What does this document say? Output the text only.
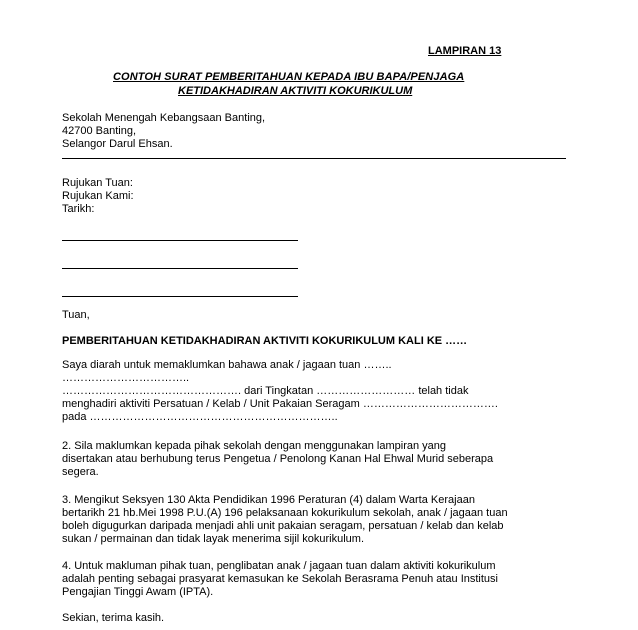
LAMPIRAN 13
CONTOH SURAT PEMBERITAHUAN KEPADA IBU BAPA/PENJAGA
KETIDAKHADIRAN AKTIVITI KOKURIKULUM
Sekolah Menengah Kebangsaan Banting,
42700 Banting,
Selangor Darul Ehsan.
Rujukan Tuan:
Rujukan Kami:
Tarikh:
Tuan,
PEMBERITAHUAN KETIDAKHADIRAN AKTIVITI KOKURIKULUM KALI KE ……
Saya diarah untuk memaklumkan bahawa anak / jagaan tuan ……..
……………………………..
…………………………………………. dari Tingkatan ……………………… telah tidak
menghadiri aktiviti Persatuan / Kelab / Unit Pakaian Seragam ……………………………….
pada …………………………………………………………..
2. Sila maklumkan kepada pihak sekolah dengan menggunakan lampiran yang
disertakan atau berhubung terus Pengetua / Penolong Kanan Hal Ehwal Murid seberapa
segera.
3. Mengikut Seksyen 130 Akta Pendidikan 1996 Peraturan (4) dalam Warta Kerajaan
bertarikh 21 hb.Mei 1998 P.U.(A) 196 pelaksanaan kokurikulum sekolah, anak / jagaan tuan
boleh digugurkan daripada menjadi ahli unit pakaian seragam, persatuan / kelab dan kelab
sukan / permainan dan tidak layak menerima sijil kokurikulum.
4. Untuk makluman pihak tuan, penglibatan anak / jagaan tuan dalam aktiviti kokurikulum
adalah penting sebagai prasyarat kemasukan ke Sekolah Berasrama Penuh atau Institusi
Pengajian Tinggi Awam (IPTA).
Sekian, terima kasih.
